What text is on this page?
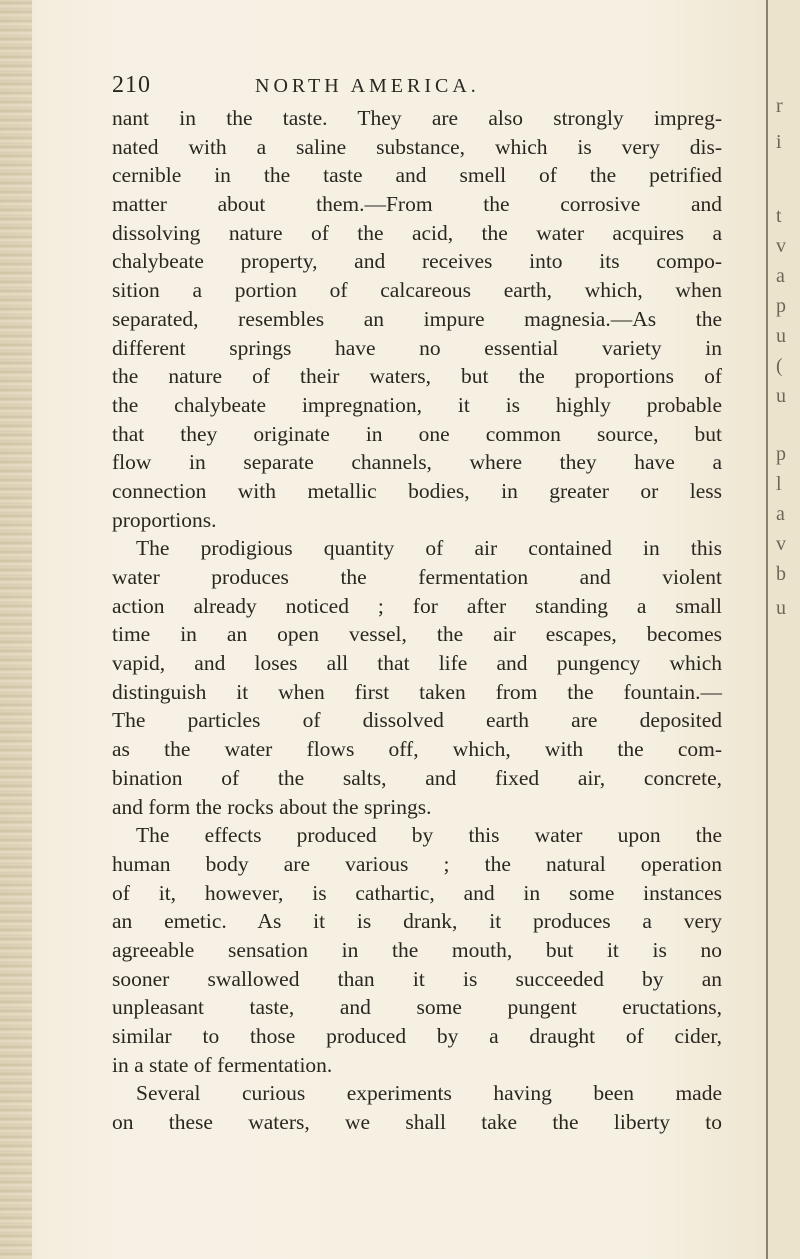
r
i
t
v
a
p
u
(
u
p
l
a
v
b
u
210	NORTH AMERICA.
nant in the taste. They are also strongly impreg-
nated with a saline substance, which is very dis-
cernible in the taste and smell of the petrified
matter about them.—From the corrosive and
dissolving nature of the acid, the water acquires a
chalybeate property, and receives into its compo-
sition a portion of calcareous earth, which, when
separated, resembles an impure magnesia.—As the
different springs have no essential variety in
the nature of their waters, but the proportions of
the chalybeate impregnation, it is highly probable
that they originate in one common source, but
flow in separate channels, where they have a
connection with metallic bodies, in greater or less
proportions.
The prodigious quantity of air contained in this
water produces the fermentation and violent
action already noticed ; for after standing a small
time in an open vessel, the air escapes, becomes
vapid, and loses all that life and pungency which
distinguish it when first taken from the fountain.—
The particles of dissolved earth are deposited
as the water flows off, which, with the com-
bination of the salts, and fixed air, concrete,
and form the rocks about the springs.
The effects produced by this water upon the
human body are various ; the natural operation
of it, however, is cathartic, and in some instances
an emetic. As it is drank, it produces a very
agreeable sensation in the mouth, but it is no
sooner swallowed than it is succeeded by an
unpleasant taste, and some pungent eructations,
similar to those produced by a draught of cider,
in a state of fermentation.
Several curious experiments having been made
on these waters, we shall take the liberty to
